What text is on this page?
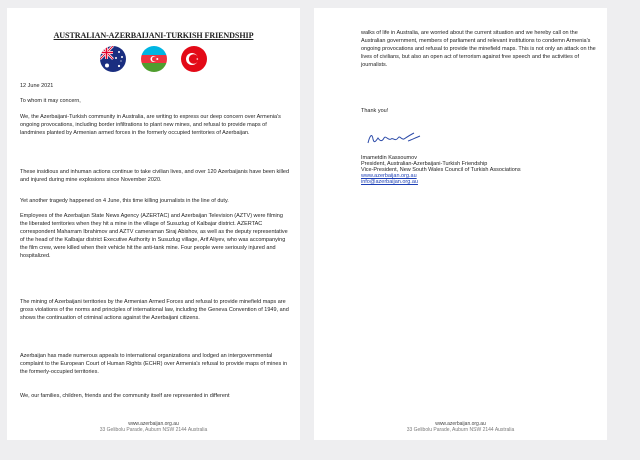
AUSTRALIAN-AZERBAIJANI-TURKISH FRIENDSHIP

12 June 2021

To whom it may concern,

We, the Azerbaijani-Turkish community in Australia, are writing to express our deep concern over Armenia's ongoing provocations, including border infiltrations to plant new mines, and refusal to provide maps of landmines planted by Armenian armed forces in the formerly occupied territories of Azerbaijan.

These insidious and inhuman actions continue to take civilian lives, and over 120 Azerbaijanis have been killed and injured during mine explosions since November 2020.

Yet another tragedy happened on 4 June, this time killing journalists in the line of duty.

Employees of the Azerbaijan State News Agency (AZERTAC) and Azerbaijan Television (AZTV) were filming the liberated territories when they hit a mine in the village of Susuzlug of Kalbajar district. AZERTAC correspondent Maharram Ibrahimov and AZTV cameraman Siraj Abishov, as well as the deputy representative of the head of the Kalbajar district Executive Authority in Susuzlug village, Arif Aliyev, who was accompanying the film crew, were killed when their vehicle hit the anti-tank mine. Four people were seriously injured and hospitalized.

The mining of Azerbaijani territories by the Armenian Armed Forces and refusal to provide minefield maps are gross violations of the norms and principles of international law, including the Geneva Convention of 1949, and shows the continuation of criminal actions against the Azerbaijani citizens.

Azerbaijan has made numerous appeals to international organizations and lodged an intergovernmental complaint to the European Court of Human Rights (ECHR) over Armenia's refusal to provide maps of mines in the formerly-occupied territories.

We, our families, children, friends and the community itself are represented in different

www.azerbaijan.org.au
33 Gelibolu Parade, Auburn NSW 2144 Australia

walks of life in Australia, are worried about the current situation and we hereby call on the Australian government, members of parliament and relevant institutions to condemn Armenia's ongoing provocations and refusal to provide the minefield maps. This is not only an attack on the lives of civilians, but also an open act of terrorism against free speech and the activities of journalists.

Thank you!

Imametdin Kassoumov

President, Australian-Azerbaijani-Turkish Friendship

Vice-President, New South Wales Council of Turkish Associations

www.azerbaijan.org.au

info@azerbaijan.org.au

www.azerbaijan.org.au
33 Gelibolu Parade, Auburn NSW 2144 Australia
